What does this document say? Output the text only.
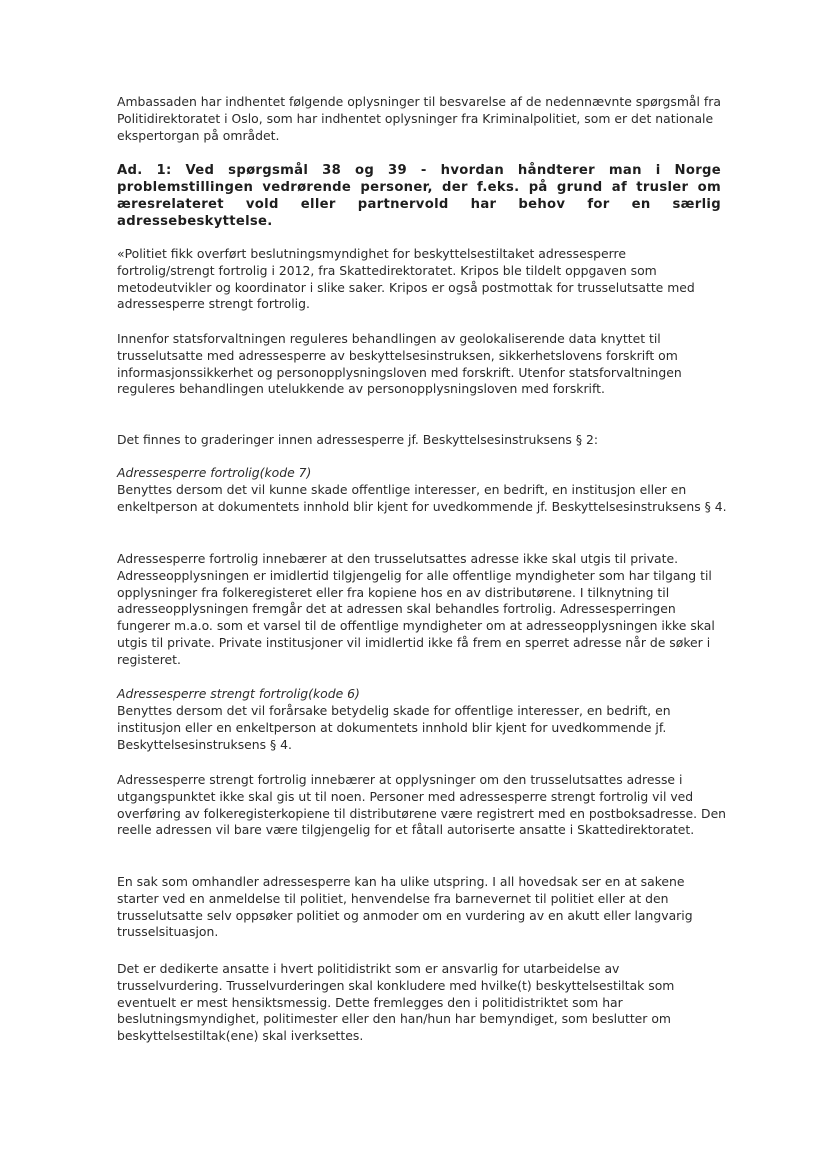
Ambassaden har indhentet følgende oplysninger til besvarelse af de nedennævnte spørgsmål fra Politidirektoratet i Oslo, som har indhentet oplysninger fra Kriminalpolitiet, som er det nationale ekspertorgan på området.

Ad. 1: Ved spørgsmål 38 og 39 - hvordan håndterer man i Norge problemstillingen vedrørende personer, der f.eks. på grund af trusler om æresrelateret vold eller partnervold har behov for en særlig adressebeskyttelse.

«Politiet fikk overført beslutningsmyndighet for beskyttelsestiltaket adressesperre fortrolig/strengt fortrolig i 2012, fra Skattedirektoratet. Kripos ble tildelt oppgaven som metodeutvikler og koordinator i slike saker. Kripos er også postmottak for trusselutsatte med adressesperre strengt fortrolig.

Innenfor statsforvaltningen reguleres behandlingen av geolokaliserende data knyttet til trusselutsatte med adressesperre av beskyttelsesinstruksen, sikkerhetslovens forskrift om informasjonssikkerhet og personopplysningsloven med forskrift. Utenfor statsforvaltningen reguleres behandlingen utelukkende av personopplysningsloven med forskrift.

Det finnes to graderinger innen adressesperre jf. Beskyttelsesinstruksens § 2:

Adressesperre fortrolig(kode 7)

Benyttes dersom det vil kunne skade offentlige interesser, en bedrift, en institusjon eller en enkeltperson at dokumentets innhold blir kjent for uvedkommende jf. Beskyttelsesinstruksens § 4.

Adressesperre fortrolig innebærer at den trusselutsattes adresse ikke skal utgis til private. Adresseopplysningen er imidlertid tilgjengelig for alle offentlige myndigheter som har tilgang til opplysninger fra folkeregisteret eller fra kopiene hos en av distributørene. I tilknytning til adresseopplysningen fremgår det at adressen skal behandles fortrolig. Adressesperringen fungerer m.a.o. som et varsel til de offentlige myndigheter om at adresseopplysningen ikke skal utgis til private. Private institusjoner vil imidlertid ikke få frem en sperret adresse når de søker i registeret.

Adressesperre strengt fortrolig(kode 6)

Benyttes dersom det vil forårsake betydelig skade for offentlige interesser, en bedrift, en institusjon eller en enkeltperson at dokumentets innhold blir kjent for uvedkommende jf. Beskyttelsesinstruksens § 4.

Adressesperre strengt fortrolig innebærer at opplysninger om den trusselutsattes adresse i utgangspunktet ikke skal gis ut til noen. Personer med adressesperre strengt fortrolig vil ved overføring av folkeregisterkopiene til distributørene være registrert med en postboksadresse. Den reelle adressen vil bare være tilgjengelig for et fåtall autoriserte ansatte i Skattedirektoratet.

En sak som omhandler adressesperre kan ha ulike utspring. I all hovedsak ser en at sakene starter ved en anmeldelse til politiet, henvendelse fra barnevernet til politiet eller at den trusselutsatte selv oppsøker politiet og anmoder om en vurdering av en akutt eller langvarig trusselsituasjon.

Det er dedikerte ansatte i hvert politidistrikt som er ansvarlig for utarbeidelse av trusselvurdering. Trusselvurderingen skal konkludere med hvilke(t) beskyttelsestiltak som eventuelt er mest hensiktsmessig. Dette fremlegges den i politidistriktet som har beslutningsmyndighet, politimester eller den han/hun har bemyndiget, som beslutter om beskyttelsestiltak(ene) skal iverksettes.
